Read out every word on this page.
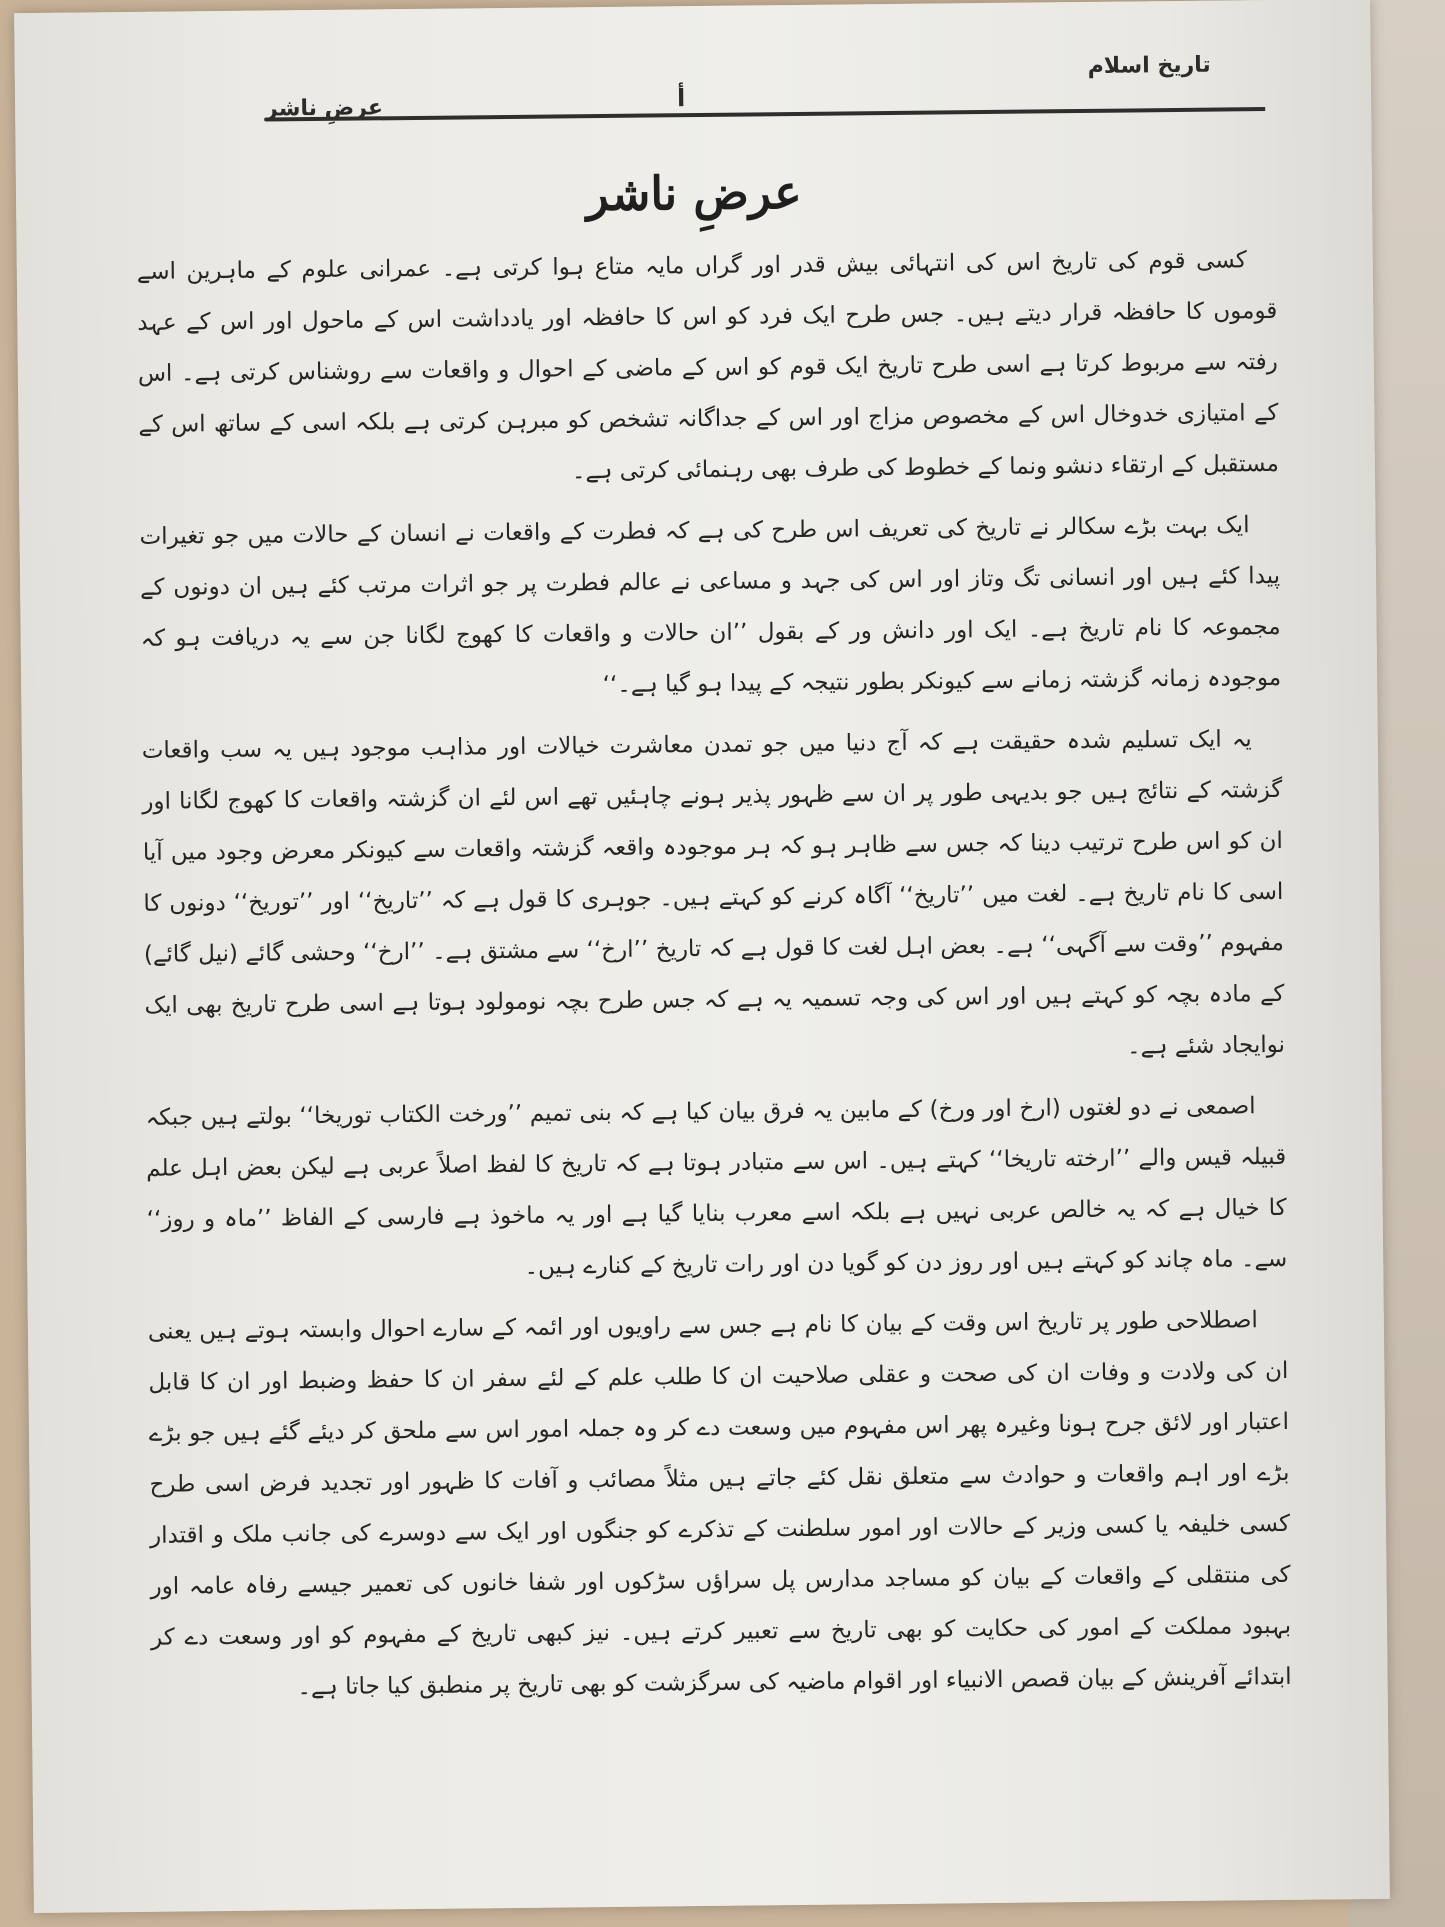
تاریخ اسلام
أ
عرضِ ناشر
عرضِ ناشر

کسی قوم کی تاریخ اس کی انتہائی بیش قدر اور گراں مایہ متاع ہوا کرتی ہے۔ عمرانی علوم کے ماہرین اسے قوموں کا حافظہ قرار دیتے ہیں۔ جس طرح ایک فرد کو اس کا حافظہ اور یادداشت اس کے ماحول اور اس کے عہد رفتہ سے مربوط کرتا ہے اسی طرح تاریخ ایک قوم کو اس کے ماضی کے احوال و واقعات سے روشناس کرتی ہے۔ اس کے امتیازی خدوخال اس کے مخصوص مزاج اور اس کے جداگانہ تشخص کو مبرہن کرتی ہے بلکہ اسی کے ساتھ اس کے مستقبل کے ارتقاء دنشو ونما کے خطوط کی طرف بھی رہنمائی کرتی ہے۔

ایک بہت بڑے سکالر نے تاریخ کی تعریف اس طرح کی ہے کہ فطرت کے واقعات نے انسان کے حالات میں جو تغیرات پیدا کئے ہیں اور انسانی تگ وتاز اور اس کی جہد و مساعی نے عالم فطرت پر جو اثرات مرتب کئے ہیں ان دونوں کے مجموعہ کا نام تاریخ ہے۔ ایک اور دانش ور کے بقول ’’ان حالات و واقعات کا کھوج لگانا جن سے یہ دریافت ہو کہ موجودہ زمانہ گزشتہ زمانے سے کیونکر بطور نتیجہ کے پیدا ہو گیا ہے۔‘‘

یہ ایک تسلیم شدہ حقیقت ہے کہ آج دنیا میں جو تمدن معاشرت خیالات اور مذاہب موجود ہیں یہ سب واقعات گزشتہ کے نتائج ہیں جو بدیہی طور پر ان سے ظہور پذیر ہونے چاہئیں تھے اس لئے ان گزشتہ واقعات کا کھوج لگانا اور ان کو اس طرح ترتیب دینا کہ جس سے ظاہر ہو کہ ہر موجودہ واقعہ گزشتہ واقعات سے کیونکر معرض وجود میں آیا اسی کا نام تاریخ ہے۔ لغت میں ’’تاریخ‘‘ آگاہ کرنے کو کہتے ہیں۔ جوہری کا قول ہے کہ ’’تاریخ‘‘ اور ’’توریخ‘‘ دونوں کا مفہوم ’’وقت سے آگہی‘‘ ہے۔ بعض اہل لغت کا قول ہے کہ تاریخ ’’ارخ‘‘ سے مشتق ہے۔ ’’ارخ‘‘ وحشی گائے (نیل گائے) کے مادہ بچہ کو کہتے ہیں اور اس کی وجہ تسمیہ یہ ہے کہ جس طرح بچہ نومولود ہوتا ہے اسی طرح تاریخ بھی ایک نوایجاد شئے ہے۔

اصمعی نے دو لغتوں (ارخ اور ورخ) کے مابین یہ فرق بیان کیا ہے کہ بنی تمیم ’’ورخت الکتاب توریخا‘‘ بولتے ہیں جبکہ قبیلہ قیس والے ’’ارخته تاریخا‘‘ کہتے ہیں۔ اس سے متبادر ہوتا ہے کہ تاریخ کا لفظ اصلاً عربی ہے لیکن بعض اہل علم کا خیال ہے کہ یہ خالص عربی نہیں ہے بلکہ اسے معرب بنایا گیا ہے اور یہ ماخوذ ہے فارسی کے الفاظ ’’ماہ و روز‘‘ سے۔ ماہ چاند کو کہتے ہیں اور روز دن کو گویا دن اور رات تاریخ کے کنارے ہیں۔

اصطلاحی طور پر تاریخ اس وقت کے بیان کا نام ہے جس سے راویوں اور ائمہ کے سارے احوال وابستہ ہوتے ہیں یعنی ان کی ولادت و وفات ان کی صحت و عقلی صلاحیت ان کا طلب علم کے لئے سفر ان کا حفظ وضبط اور ان کا قابل اعتبار اور لائق جرح ہونا وغیرہ پھر اس مفہوم میں وسعت دے کر وہ جملہ امور اس سے ملحق کر دیئے گئے ہیں جو بڑے بڑے اور اہم واقعات و حوادث سے متعلق نقل کئے جاتے ہیں مثلاً مصائب و آفات کا ظہور اور تجدید فرض اسی طرح کسی خلیفہ یا کسی وزیر کے حالات اور امور سلطنت کے تذکرے کو جنگوں اور ایک سے دوسرے کی جانب ملک و اقتدار کی منتقلی کے واقعات کے بیان کو مساجد مدارس پل سراؤں سڑکوں اور شفا خانوں کی تعمیر جیسے رفاہ عامہ اور بہبود مملکت کے امور کی حکایت کو بھی تاریخ سے تعبیر کرتے ہیں۔ نیز کبھی تاریخ کے مفہوم کو اور وسعت دے کر ابتدائے آفرینش کے بیان قصص الانبیاء اور اقوام ماضیہ کی سرگزشت کو بھی تاریخ پر منطبق کیا جاتا ہے۔
